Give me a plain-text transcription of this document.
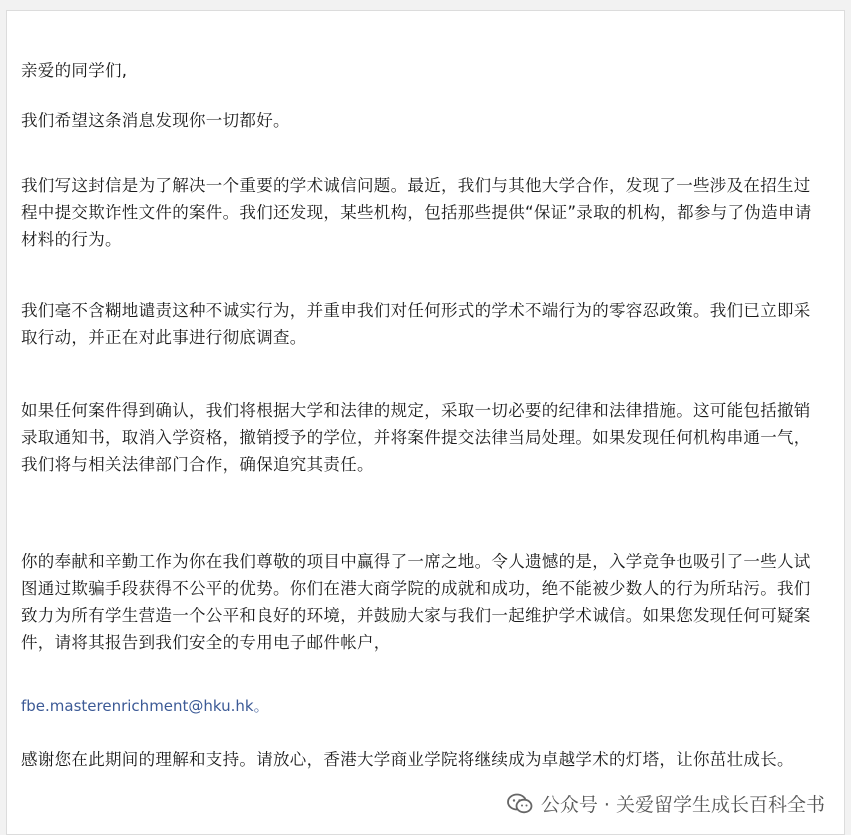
亲爱的同学们,

我们希望这条消息发现你一切都好。

我们写这封信是为了解决一个重要的学术诚信问题。最近，我们与其他大学合作，发现了一些涉及在招生过程中提交欺诈性文件的案件。我们还发现，某些机构，包括那些提供“保证”录取的机构，都参与了伪造申请材料的行为。

我们毫不含糊地谴责这种不诚实行为，并重申我们对任何形式的学术不端行为的零容忍政策。我们已立即采取行动，并正在对此事进行彻底调查。

如果任何案件得到确认，我们将根据大学和法律的规定，采取一切必要的纪律和法律措施。这可能包括撤销录取通知书，取消入学资格，撤销授予的学位，并将案件提交法律当局处理。如果发现任何机构串通一气，我们将与相关法律部门合作，确保追究其责任。

你的奉献和辛勤工作为你在我们尊敬的项目中赢得了一席之地。令人遗憾的是，入学竞争也吸引了一些人试图通过欺骗手段获得不公平的优势。你们在港大商学院的成就和成功，绝不能被少数人的行为所玷污。我们致力为所有学生营造一个公平和良好的环境，并鼓励大家与我们一起维护学术诚信。如果您发现任何可疑案件，请将其报告到我们安全的专用电子邮件帐户，

fbe.masterenrichment@hku.hk。

感谢您在此期间的理解和支持。请放心，香港大学商业学院将继续成为卓越学术的灯塔，让你茁壮成长。

公众号 · 关爱留学生成长百科全书
